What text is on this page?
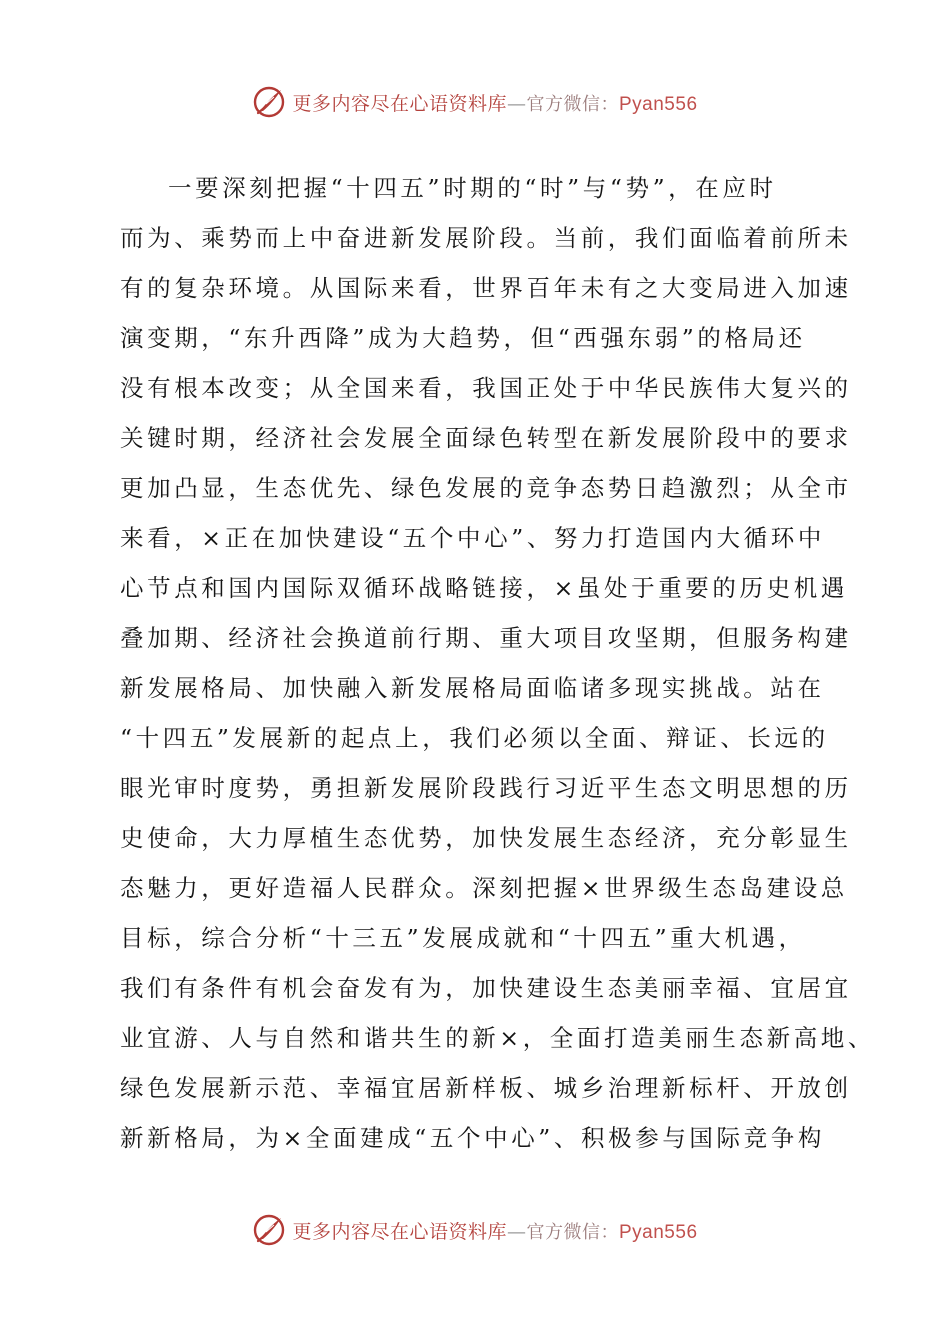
更多内容尽在心语资料库—官方微信：Pyan556
一要深刻把握“十四五”时期的“时”与“势”，在应时
而为、乘势而上中奋进新发展阶段。当前，我们面临着前所未
有的复杂环境。从国际来看，世界百年未有之大变局进入加速
演变期，“东升西降”成为大趋势，但“西强东弱”的格局还
没有根本改变；从全国来看，我国正处于中华民族伟大复兴的
关键时期，经济社会发展全面绿色转型在新发展阶段中的要求
更加凸显，生态优先、绿色发展的竞争态势日趋激烈；从全市
来看，×正在加快建设“五个中心”、努力打造国内大循环中
心节点和国内国际双循环战略链接，×虽处于重要的历史机遇
叠加期、经济社会换道前行期、重大项目攻坚期，但服务构建
新发展格局、加快融入新发展格局面临诸多现实挑战。站在
“十四五”发展新的起点上，我们必须以全面、辩证、长远的
眼光审时度势，勇担新发展阶段践行习近平生态文明思想的历
史使命，大力厚植生态优势，加快发展生态经济，充分彰显生
态魅力，更好造福人民群众。深刻把握×世界级生态岛建设总
目标，综合分析“十三五”发展成就和“十四五”重大机遇，
我们有条件有机会奋发有为，加快建设生态美丽幸福、宜居宜
业宜游、人与自然和谐共生的新×，全面打造美丽生态新高地、
绿色发展新示范、幸福宜居新样板、城乡治理新标杆、开放创
新新格局，为×全面建成“五个中心”、积极参与国际竞争构
更多内容尽在心语资料库—官方微信：Pyan556
